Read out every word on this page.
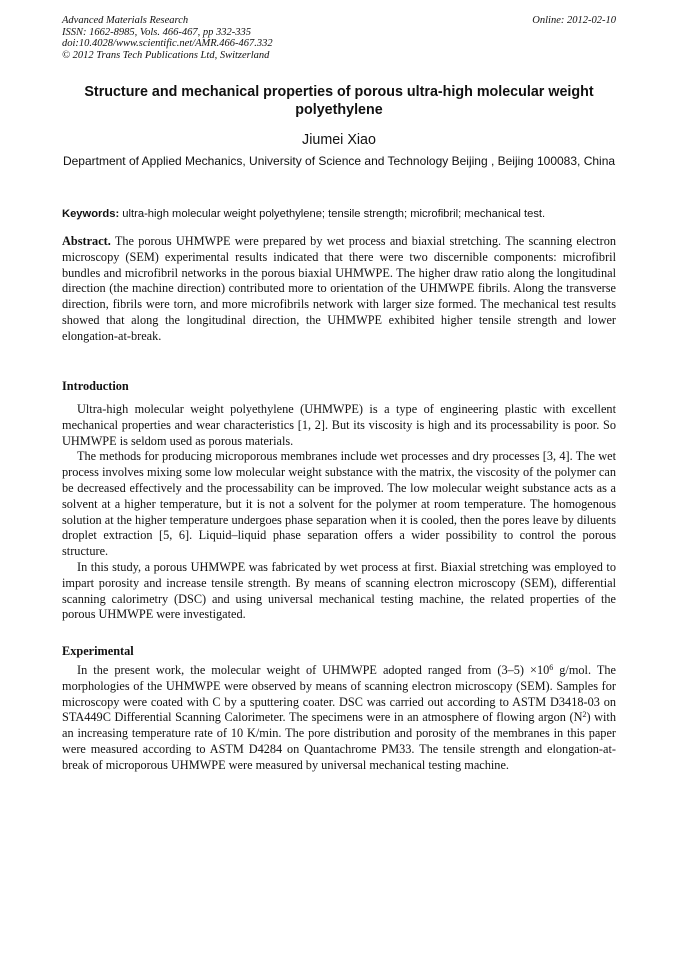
Advanced Materials Research
ISSN: 1662-8985, Vols. 466-467, pp 332-335
doi:10.4028/www.scientific.net/AMR.466-467.332
© 2012 Trans Tech Publications Ltd, Switzerland
Online: 2012-02-10
Structure and mechanical properties of porous ultra-high molecular weight polyethylene
Jiumei Xiao
Department of Applied Mechanics, University of Science and Technology Beijing , Beijing 100083, China
Keywords: ultra-high molecular weight polyethylene; tensile strength; microfibril; mechanical test.

Abstract. The porous UHMWPE were prepared by wet process and biaxial stretching. The scanning electron microscopy (SEM) experimental results indicated that there were two discernible components: microfibril bundles and microfibril networks in the porous biaxial UHMWPE. The higher draw ratio along the longitudinal direction (the machine direction) contributed more to orientation of the UHMWPE fibrils. Along the transverse direction, fibrils were torn, and more microfibrils network with larger size formed. The mechanical test results showed that along the longitudinal direction, the UHMWPE exhibited higher tensile strength and lower elongation-at-break.

Introduction

Ultra-high molecular weight polyethylene (UHMWPE) is a type of engineering plastic with excellent mechanical properties and wear characteristics [1, 2]. But its viscosity is high and its processability is poor. So UHMWPE is seldom used as porous materials.

The methods for producing microporous membranes include wet processes and dry processes [3, 4]. The wet process involves mixing some low molecular weight substance with the matrix, the viscosity of the polymer can be decreased effectively and the processability can be improved. The low molecular weight substance acts as a solvent at a higher temperature, but it is not a solvent for the polymer at room temperature. The homogenous solution at the higher temperature undergoes phase separation when it is cooled, then the pores leave by diluents droplet extraction [5, 6]. Liquid–liquid phase separation offers a wider possibility to control the porous structure.

In this study, a porous UHMWPE was fabricated by wet process at first. Biaxial stretching was employed to impart porosity and increase tensile strength. By means of scanning electron microscopy (SEM), differential scanning calorimetry (DSC) and using universal mechanical testing machine, the related properties of the porous UHMWPE were investigated.

Experimental

In the present work, the molecular weight of UHMWPE adopted ranged from $(3-5) \times 10^6$ g/mol. The morphologies of the UHMWPE were observed by means of scanning electron microscopy (SEM). Samples for microscopy were coated with C by a sputtering coater. DSC was carried out according to ASTM D3418-03 on STA449C Differential Scanning Calorimeter. The specimens were in an atmosphere of flowing argon $(N^2)$ with an increasing temperature rate of 10 K/min. The pore distribution and porosity of the membranes in this paper were measured according to ASTM D4284 on Quantachrome PM33. The tensile strength and elongation-at-break of microporous UHMWPE were measured by universal mechanical testing machine.
